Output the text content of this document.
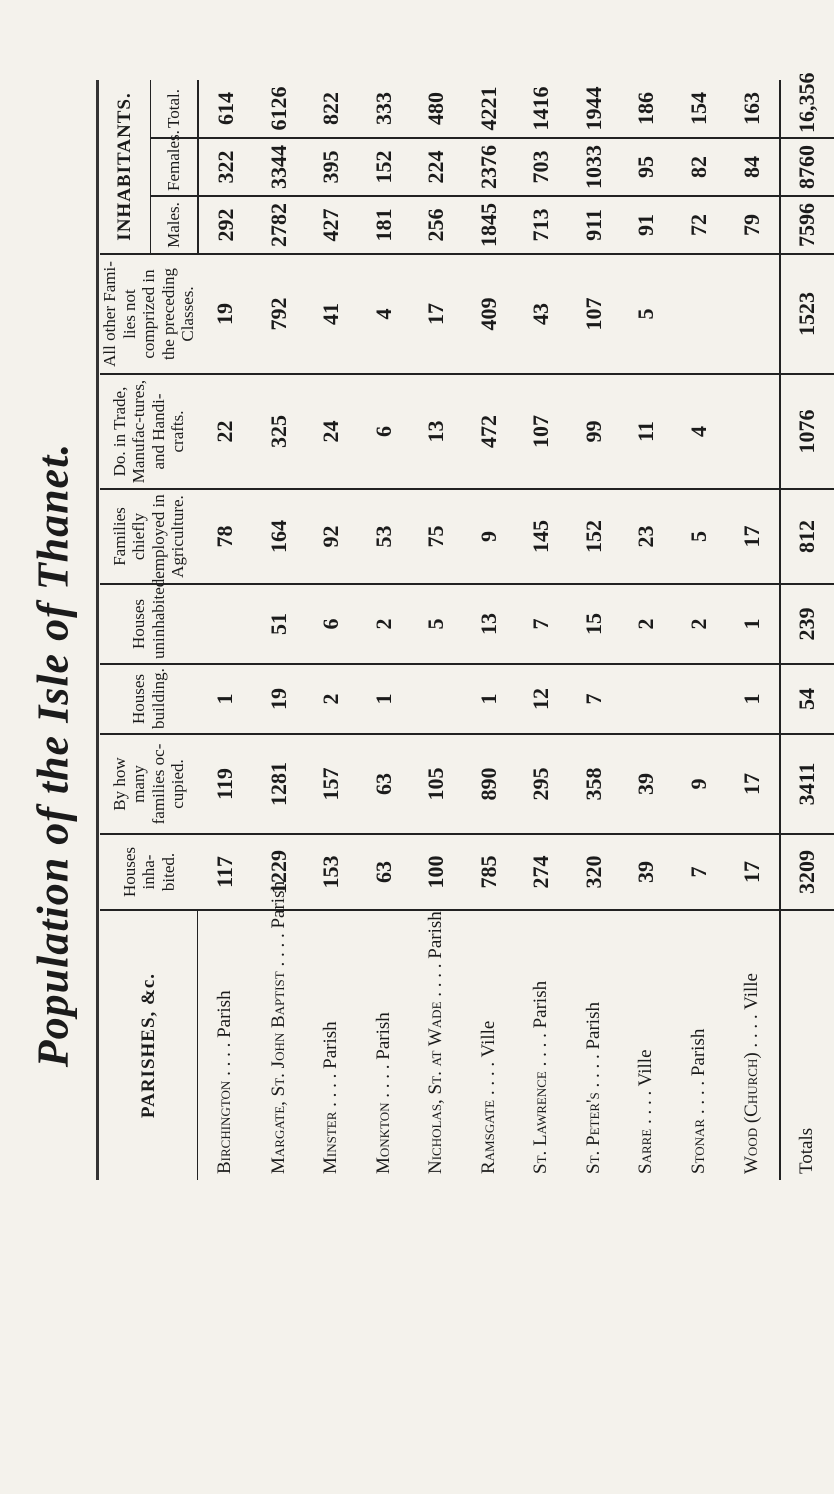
Population of the Isle of Thanet.	PARISHES, &c.	Houses inha-bited.	By how many families oc-cupied.	Houses building.	Houses uninhabited.	Families chiefly employed in Agriculture.	Do. in Trade, Manufac-tures, and Handi-crafts.	All other Fami-lies not comprized in the preceding Classes.	INHABITANTS.		
								Males.	Females.	Total.
Birchington . . . . Parish	117	119	1		78	22	19	292	322	614
Margate, St. John Baptist . . . . Parish	1229	1281	19	51	164	325	792	2782	3344	6126
Minster . . . . Parish	153	157	2	6	92	24	41	427	395	822
Monkton . . . . Parish	63	63	1	2	53	6	4	181	152	333
Nicholas, St. at Wade . . . . Parish	100	105		5	75	13	17	256	224	480
Ramsgate . . . . Ville	785	890	1	13	9	472	409	1845	2376	4221
St. Lawrence . . . . Parish	274	295	12	7	145	107	43	713	703	1416
St. Peter's . . . . Parish	320	358	7	15	152	99	107	911	1033	1944
Sarre . . . . Ville	39	39		2	23	11	5	91	95	186
Stonar . . . . Parish	7	9		2	5	4		72	82	154
Wood (Church) . . . . Ville	17	17	1	1	17			79	84	163
Totals	3209	3411	54	239	812	1076	1523	7596	8760	16,356
